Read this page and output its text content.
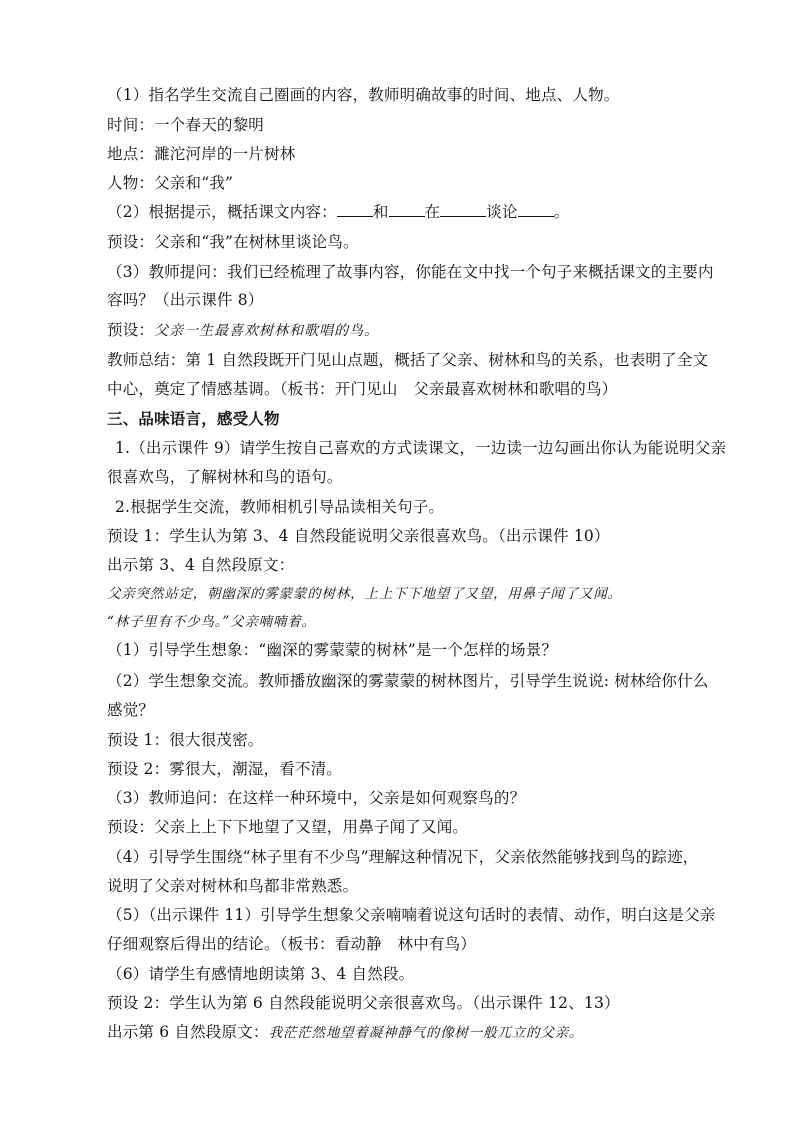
（1）指名学生交流自己圈画的内容，教师明确故事的时间、地点、人物。
时间：一个春天的黎明
地点：濉沱河岸的一片树林
人物：父亲和“我”
（2）根据提示，概括课文内容： 和 在	谈论 。
预设：父亲和“我”在树林里谈论鸟。
（3）教师提问：我们已经梳理了故事内容，你能在文中找一个句子来概括课文的主要内
容吗？（出示课件 8）
预设：父亲一生最喜欢树林和歌唱的鸟。
教师总结：第 1 自然段既开门见山点题，概括了父亲、树林和鸟的关系，也表明了全文
中心，奠定了情感基调。（板书：开门见山　父亲最喜欢树林和歌唱的鸟）
三、品味语言，感受人物
1.（出示课件 9）请学生按自己喜欢的方式读课文，一边读一边勾画出你认为能说明父亲
很喜欢鸟，了解树林和鸟的语句。
2.根据学生交流，教师相机引导品读相关句子。
预设 1：学生认为第 3、4 自然段能说明父亲很喜欢鸟。（出示课件 10）
出示第 3、4 自然段原文：
父亲突然站定，朝幽深的雾蒙蒙的树林，上上下下地望了又望，用鼻子闻了又闻。
“林子里有不少鸟。”父亲喃喃着。
（1）引导学生想象：“幽深的雾蒙蒙的树林”是一个怎样的场景？
（2）学生想象交流。教师播放幽深的雾蒙蒙的树林图片，引导学生说说: 树林给你什么
感觉？
预设 1：很大很茂密。
预设 2：雾很大，潮湿，看不清。
（3）教师追问：在这样一种环境中，父亲是如何观察鸟的？
预设：父亲上上下下地望了又望，用鼻子闻了又闻。
（4）引导学生围绕“林子里有不少鸟”理解这种情况下，父亲依然能够找到鸟的踪迹，
说明了父亲对树林和鸟都非常熟悉。
（5）（出示课件 11）引导学生想象父亲喃喃着说这句话时的表情、动作，明白这是父亲
仔细观察后得出的结论。（板书：看动静　林中有鸟）
（6）请学生有感情地朗读第 3、4 自然段。
预设 2：学生认为第 6 自然段能说明父亲很喜欢鸟。（出示课件 12、13）
出示第 6 自然段原文：我茫茫然地望着凝神静气的像树一般兀立的父亲。
